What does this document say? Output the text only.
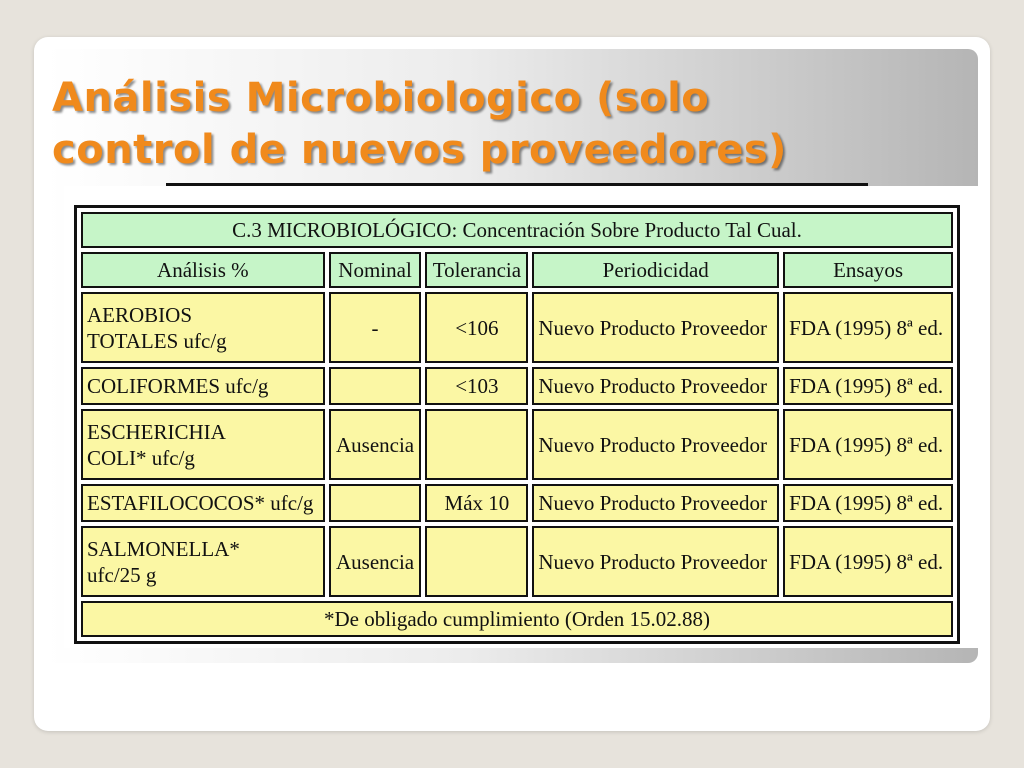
Análisis Microbiologico (solo
control de nuevos proveedores)
C.3 MICROBIOLÓGICO: Concentración Sobre Producto Tal Cual.				
Análisis %	Nominal	Tolerancia	Periodicidad	Ensayos
AEROBIOS
TOTALES ufc/g	-	<106	Nuevo Producto Proveedor	FDA (1995) 8ª ed.
COLIFORMES ufc/g		<103	Nuevo Producto Proveedor	FDA (1995) 8ª ed.
ESCHERICHIA
COLI* ufc/g	Ausencia		Nuevo Producto Proveedor	FDA (1995) 8ª ed.
ESTAFILOCOCOS* ufc/g		Máx 10	Nuevo Producto Proveedor	FDA (1995) 8ª ed.
SALMONELLA*
ufc/25 g	Ausencia		Nuevo Producto Proveedor	FDA (1995) 8ª ed.
*De obligado cumplimiento (Orden 15.02.88)				
